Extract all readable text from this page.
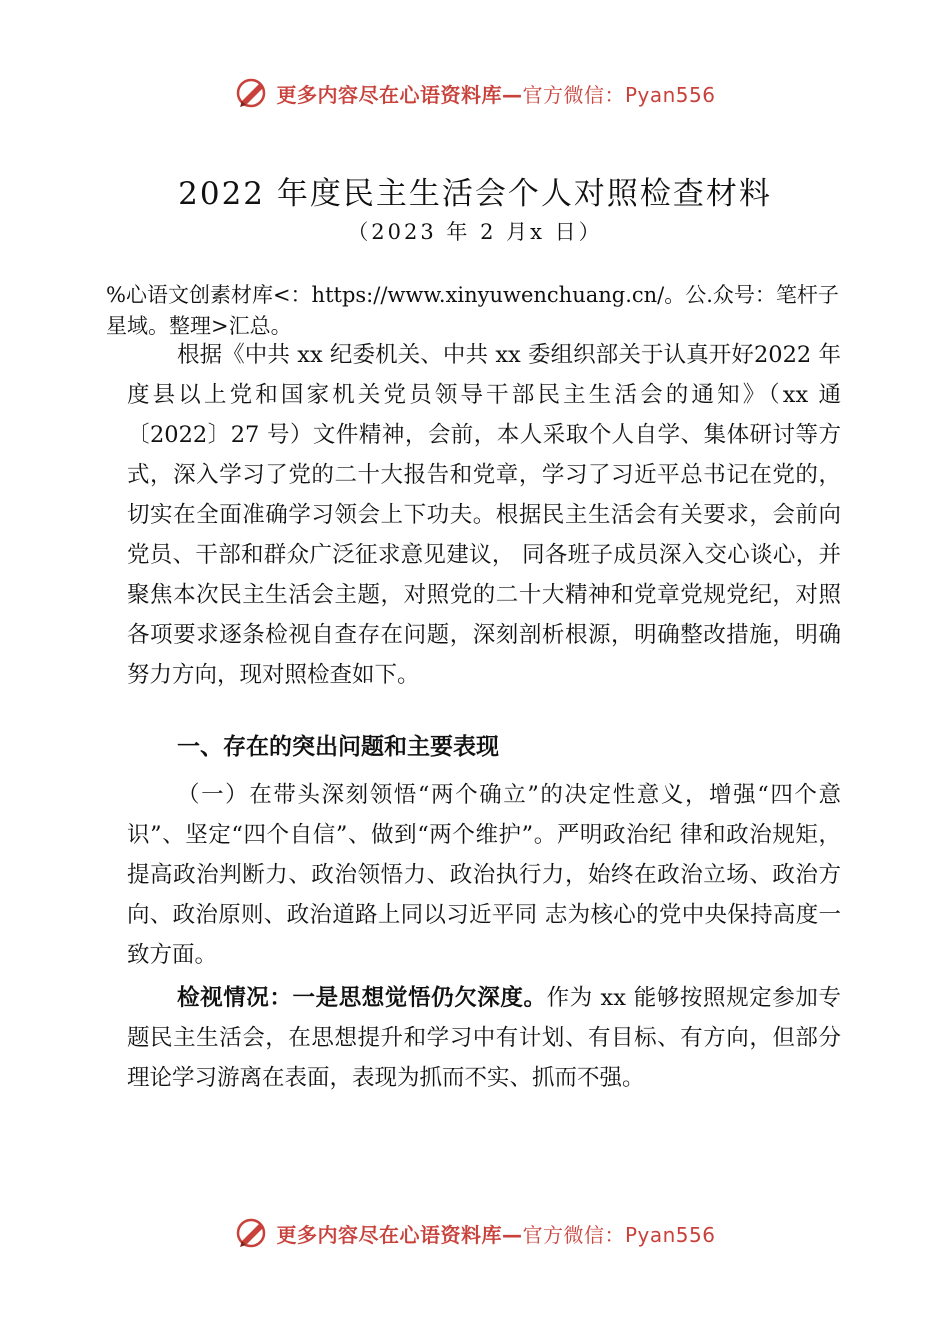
更多内容尽在心语资料库—官方微信：Pyan556
2022 年度民主生活会个人对照检查材料
（2023 年 2 月x 日）
%心语文创素材库<：https://www.xinyuwenchuang.cn/。公.众号：笔杆子星域。整理>汇总。
根据《中共 xx 纪委机关、中共 xx 委组织部关于认真开好2022 年度县以上党和国家机关党员领导干部民主生活会的通知》（xx 通〔2022〕27 号）文件精神，会前，本人采取个人自学、集体研讨等方式，深入学习了党的二十大报告和党章，学习了习近平总书记在党的，切实在全面准确学习领会上下功夫。根据民主生活会有关要求，会前向党员、干部和群众广泛征求意见建议， 同各班子成员深入交心谈心，并聚焦本次民主生活会主题，对照党的二十大精神和党章党规党纪，对照各项要求逐条检视自查存在问题，深刻剖析根源，明确整改措施，明确努力方向，现对照检查如下。
一、存在的突出问题和主要表现
（一）在带头深刻领悟“两个确立”的决定性意义，增强“四个意识”、坚定“四个自信”、做到“两个维护”。严明政治纪 律和政治规矩，提高政治判断力、政治领悟力、政治执行力，始终在政治立场、政治方向、政治原则、政治道路上同以习近平同 志为核心的党中央保持高度一致方面。
检视情况：一是思想觉悟仍欠深度。作为 xx 能够按照规定参加专题民主生活会，在思想提升和学习中有计划、有目标、有方向，但部分理论学习游离在表面，表现为抓而不实、抓而不强。
更多内容尽在心语资料库—官方微信：Pyan556
